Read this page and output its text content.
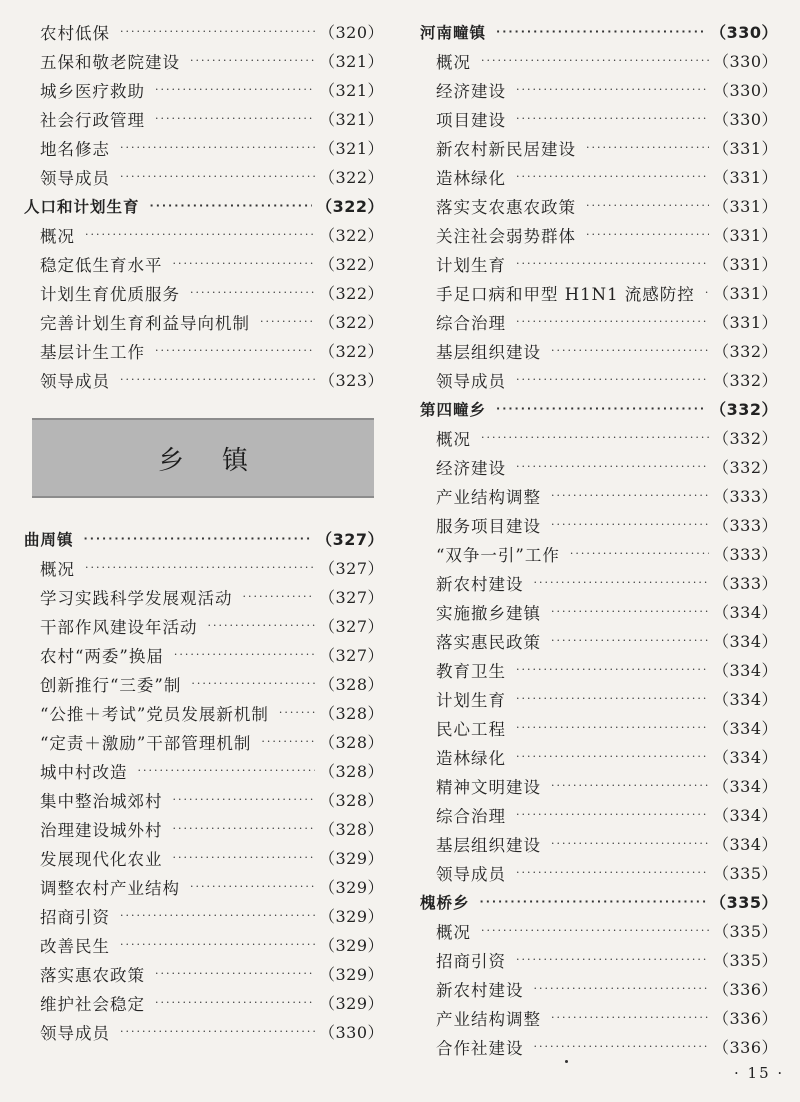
农村低保 ·····	（320）
五保和敬老院建设 ·····	（321）
城乡医疗救助 ·····	（321）
社会行政管理 ·····	（321）
地名修志 ·····	（321）
领导成员 ·····	（322）
人口和计划生育 ·····	（322）
概况 ·····	（322）
稳定低生育水平 ·····	（322）
计划生育优质服务 ·····	（322）
完善计划生育利益导向机制 ·····	（322）
基层计生工作 ·····	（322）
领导成员 ·····	（323）
乡镇
曲周镇 ·····	（327）
概况 ·····	（327）
学习实践科学发展观活动 ·····	（327）
干部作风建设年活动 ·····	（327）
农村“两委”换届 ·····	（327）
创新推行“三委”制 ·····	（328）
“公推＋考试”党员发展新机制 ·····	（328）
“定责＋激励”干部管理机制 ·····	（328）
城中村改造 ·····	（328）
集中整治城郊村 ·····	（328）
治理建设城外村 ·····	（328）
发展现代化农业 ·····	（329）
调整农村产业结构 ·····	（329）
招商引资 ·····	（329）
改善民生 ·····	（329）
落实惠农政策 ·····	（329）
维护社会稳定 ·····	（329）
领导成员 ·····	（330）
河南疃镇 ·····	（330）
概况 ·····	（330）
经济建设 ·····	（330）
项目建设 ·····	（330）
新农村新民居建设 ·····	（331）
造林绿化 ·····	（331）
落实支农惠农政策 ·····	（331）
关注社会弱势群体 ·····	（331）
计划生育 ·····	（331）
手足口病和甲型 H1N1 流感防控 ····· （331）
综合治理 ·····	（331）
基层组织建设 ·····	（332）
领导成员 ·····	（332）
第四疃乡 ·····	（332）
概况 ·····	（332）
经济建设 ·····	（332）
产业结构调整 ·····	（333）
服务项目建设 ·····	（333）
“双争一引”工作 ·····	（333）
新农村建设 ·····	（333）
实施撤乡建镇 ·····	（334）
落实惠民政策 ·····	（334）
教育卫生 ·····	（334）
计划生育 ·····	（334）
民心工程 ·····	（334）
造林绿化 ·····	（334）
精神文明建设 ·····	（334）
综合治理 ·····	（334）
基层组织建设 ·····	（334）
领导成员 ·····	（335）
槐桥乡 ·····	（335）
概况 ·····	（335）
招商引资 ·····	（335）
新农村建设 ·····	（336）
产业结构调整 ·····	（336）
合作社建设 ·····	（336）
· 15 ·
